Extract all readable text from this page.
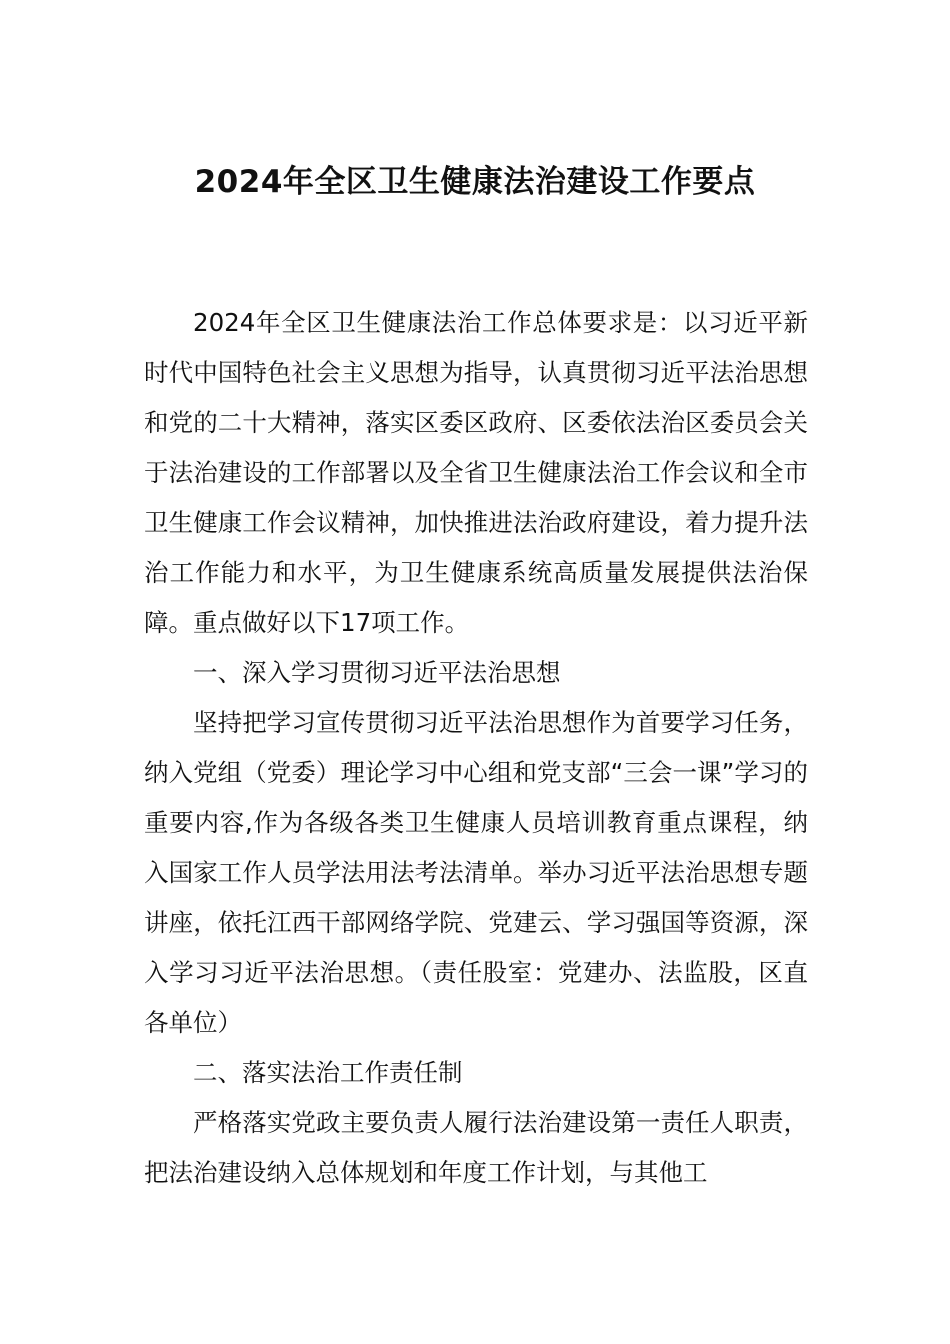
2024年全区卫生健康法治建设工作要点

2024年全区卫生健康法治工作总体要求是：以习近平新时代中国特色社会主义思想为指导，认真贯彻习近平法治思想和党的二十大精神，落实区委区政府、区委依法治区委员会关于法治建设的工作部署以及全省卫生健康法治工作会议和全市卫生健康工作会议精神，加快推进法治政府建设，着力提升法治工作能力和水平，为卫生健康系统高质量发展提供法治保障。重点做好以下17项工作。

一、深入学习贯彻习近平法治思想

坚持把学习宣传贯彻习近平法治思想作为首要学习任务，纳入党组（党委）理论学习中心组和党支部“三会一课”学习的重要内容,作为各级各类卫生健康人员培训教育重点课程，纳入国家工作人员学法用法考法清单。举办习近平法治思想专题讲座，依托江西干部网络学院、党建云、学习强国等资源，深入学习习近平法治思想。（责任股室：党建办、法监股，区直各单位）

二、落实法治工作责任制

严格落实党政主要负责人履行法治建设第一责任人职责，把法治建设纳入总体规划和年度工作计划，与其他工
